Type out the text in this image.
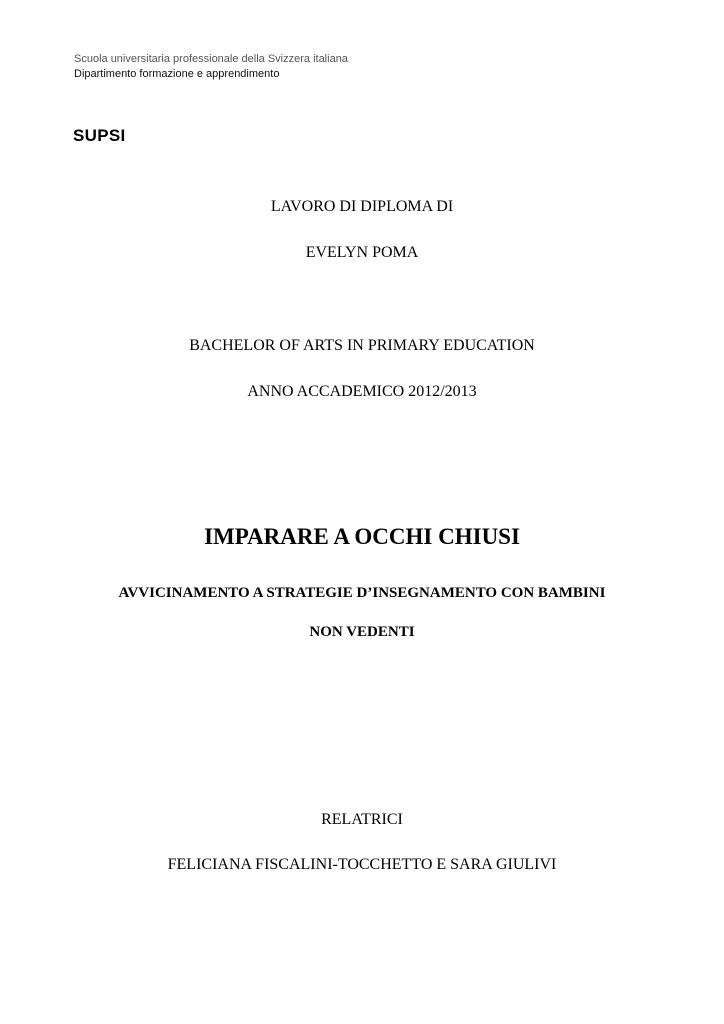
Scuola universitaria professionale della Svizzera italiana
Dipartimento formazione e apprendimento
SUPSI
LAVORO DI DIPLOMA DI
EVELYN POMA
BACHELOR OF ARTS IN PRIMARY EDUCATION
ANNO ACCADEMICO 2012/2013
IMPARARE A OCCHI CHIUSI
AVVICINAMENTO A STRATEGIE D’INSEGNAMENTO CON BAMBINI
NON VEDENTI
RELATRICI
FELICIANA FISCALINI-TOCCHETTO E SARA GIULIVI
